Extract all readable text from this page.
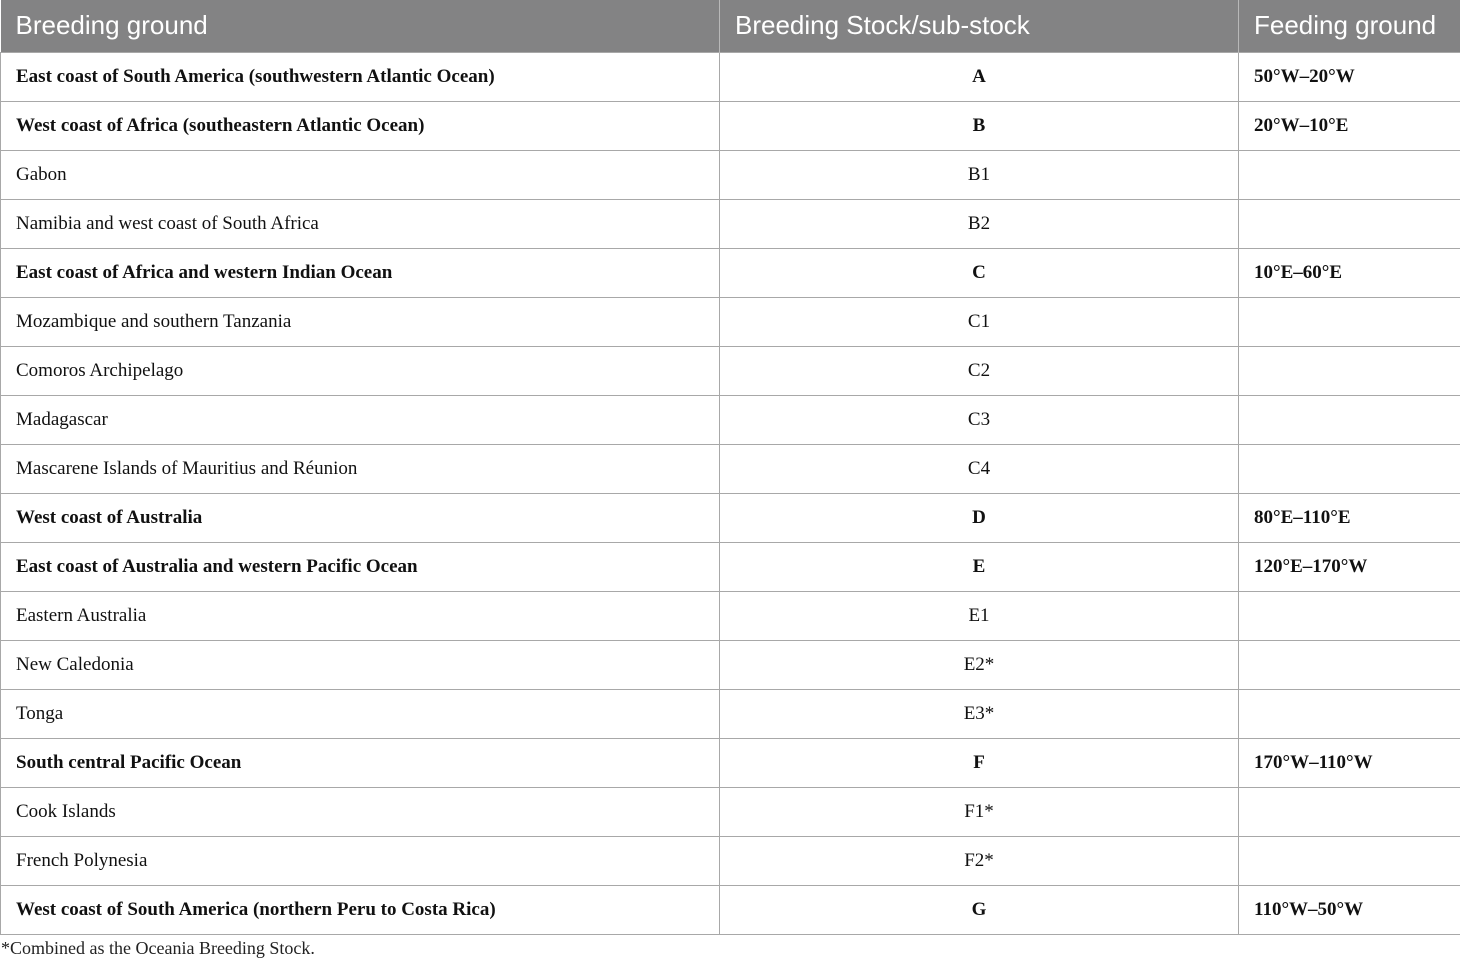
Breeding ground	Breeding Stock/sub-stock	Feeding ground
East coast of South America (southwestern Atlantic Ocean)	A	50°W–20°W
West coast of Africa (southeastern Atlantic Ocean)	B	20°W–10°E
Gabon	B1	
Namibia and west coast of South Africa	B2	
East coast of Africa and western Indian Ocean	C	10°E–60°E
Mozambique and southern Tanzania	C1	
Comoros Archipelago	C2	
Madagascar	C3	
Mascarene Islands of Mauritius and Réunion	C4	
West coast of Australia	D	80°E–110°E
East coast of Australia and western Pacific Ocean	E	120°E–170°W
Eastern Australia	E1	
New Caledonia	E2*	
Tonga	E3*	
South central Pacific Ocean	F	170°W–110°W
Cook Islands	F1*	
French Polynesia	F2*	
West coast of South America (northern Peru to Costa Rica)	G	110°W–50°W
*Combined as the Oceania Breeding Stock.
